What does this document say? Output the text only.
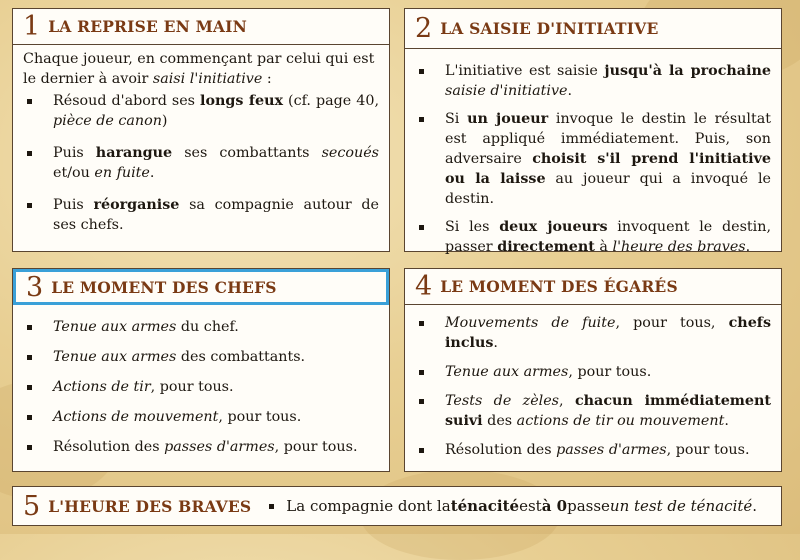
1 LA REPRISE EN MAIN

Chaque joueur, en commençant par celui qui est le dernier à avoir saisi l'initiative :

Résoud d'abord ses longs feux (cf. page 40, pièce de canon)
Puis harangue ses combattants secoués et/ou en fuite.
Puis réorganise sa compagnie autour de ses chefs.
2 LA SAISIE D'INITIATIVE
L'initiative est saisie jusqu'à la prochaine saisie d'initiative.
Si un joueur invoque le destin le résultat est appliqué immédiatement. Puis, son adversaire choisit s'il prend l'initiative ou la laisse au joueur qui a invoqué le destin.
Si les deux joueurs invoquent le destin, passer directement à l'heure des braves.
3 LE MOMENT DES CHEFS
Tenue aux armes du chef.
Tenue aux armes des combattants.
Actions de tir, pour tous.
Actions de mouvement, pour tous.
Résolution des passes d'armes, pour tous.
4 LE MOMENT DES ÉGARÉS
Mouvements de fuite, pour tous, chefs inclus.
Tenue aux armes, pour tous.
Tests de zèles, chacun immédiatement suivi des actions de tir ou mouvement.
Résolution des passes d'armes, pour tous.
5 L'HEURE DES BRAVES	La compagnie dont la ténacité est à 0 passe un test de ténacité .
